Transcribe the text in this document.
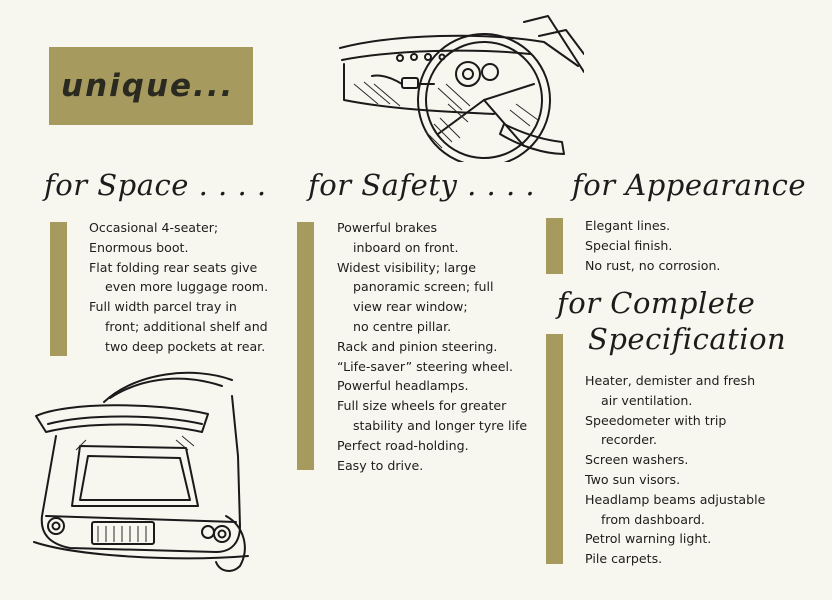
unique...
for Space . . . . for Safety . . . . for Appearance
for Complete
Specification
Occasional 4-seater;
Enormous boot.
Flat folding rear seats give
even more luggage room.
Full width parcel tray in
front; additional shelf and
two deep pockets at rear.
Powerful brakes
inboard on front.
Widest visibility; large
panoramic screen; full
view rear window;
no centre pillar.
Rack and pinion steering.
“Life-saver” steering wheel.
Powerful headlamps.
Full size wheels for greater
stability and longer tyre life
Perfect road-holding.
Easy to drive.
Elegant lines.
Special finish.
No rust, no corrosion.
Heater, demister and fresh
air ventilation.
Speedometer with trip
recorder.
Screen washers.
Two sun visors.
Headlamp beams adjustable
from dashboard.
Petrol warning light.
Pile carpets.
